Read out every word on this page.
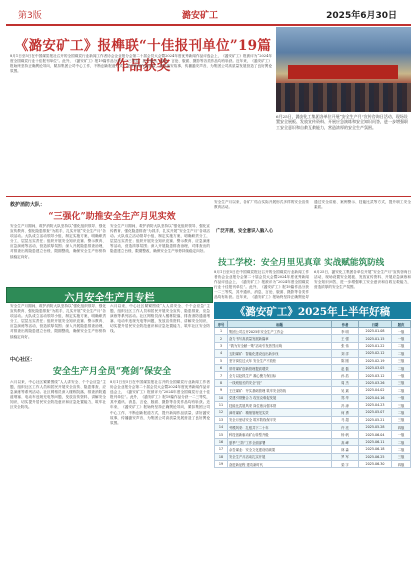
第3版	潞安矿工	2025年6月30日
《潞安矿工》报榫联“十佳报刊单位”19篇作品获奖
8月1日至5日在中国煤炭报社召开的全国煤炭行业新闻工作者协会企业报分会第二十届会员大会暨2024年度优秀新闻作品评选会上，《潞安矿工》报被评为“2024年度全国煤炭行业十佳报刊单位”。此外，《潞安矿工》报19篇作品分获一二三等奖，其中通讯、消息、言论、版面、摄影等各类作品均有斩获。近年来，《潞安矿工》报始终坚持正确舆论导向，紧扣集团公司中心工作，不断创新报道方式，提升新闻作品质量，讲好潞安故事，传播潞安声音，为集团公司高质量发展营造了良好舆论氛围。
6月25日，潞安化工集团各单位开展“安全生产月”宣传咨询日活动，现场设置安全展板、发放宣传资料、开展应急演练和安全知识问答，进一步增强职工安全意识和自救互救能力，营造浓厚的安全生产氛围。
救护消防大队：
“三强化”助推安全生产月见实效
安全生产月期间，救护消防大队坚持以“强化组织领导、强化宣传教育、强化隐患排查”为抓手，扎实开展“安全生产月”各项活动。大队成立活动领导小组，制定实施方案，明确职责分工，层层压实责任；组织开展安全知识竞赛、警示教育、应急演练等活动，营造浓厚氛围；深入开展隐患排查治理，对排查出的隐患建立台账、限期整改，确保安全生产形势持续稳定向好。
安全生产月期间，救护消防大队坚持以“强化组织领导、强化宣传教育、强化隐患排查”为抓手，扎实开展“安全生产月”各项活动。大队成立活动领导小组，制定实施方案，明确职责分工，层层压实责任；组织开展安全知识竞赛、警示教育、应急演练等活动，营造浓厚氛围；深入开展隐患排查治理，对排查出的隐患建立台账、限期整改，确保安全生产形势持续稳定向好。
安全生产月以来，各矿厂结合实际开展形式多样的安全宣传教育活动。
广泛开展，安全意识入脑入心
通过安全讲座、案例警示、技能比武等方式，提升职工安全素质。
技工学校：安全月里见真章 实战赋能筑防线
8月1日至5日在中国煤炭报社召开的全国煤炭行业新闻工作者协会企业报分会第二十届会员大会暨2024年度优秀新闻作品评选会上，《潞安矿工》报被评为“2024年度全国煤炭行业十佳报刊单位”。此外，《潞安矿工》报19篇作品分获一二三等奖，其中通讯、消息、言论、版面、摄影等各类作品均有斩获。近年来，《潞安矿工》报始终坚持正确舆论导
6月25日，潞安化工集团各单位开展“安全生产月”宣传咨询日活动，现场设置安全展板、发放宣传资料、开展应急演练和安全知识问答，进一步增强职工安全意识和自救互救能力，营造浓厚的安全生产氛围。
六月安全生产月专栏
安全生产月期间，救护消防大队坚持以“强化组织领导、强化宣传教育、强化隐患排查”为抓手，扎实开展“安全生产月”各项活动。大队成立活动领导小组，制定实施方案，明确职责分工，层层压实责任；组织开展安全知识竞赛、警示教育、应急演练等活动，营造浓厚氛围；深入开展隐患排查治理，对排查出的隐患建立台账、限期整改，确保安全生产形势持续稳定向好。
六月以来，中心社区紧紧围绕“人人讲安全、个个会应急”主题，组织社区工作人员和居民开展安全宣传、隐患排查、应急演练等系列活动。社区网格员深入楼栋院落，排查消防通道堵塞、电动车违规充电等问题，发放宣传资料，讲解安全知识，切实提升居民安全防范意识和应急处置能力，筑牢社区安全防线。
中心社区：
安全生产月全员“亮剑”保安全
六月以来，中心社区紧紧围绕“人人讲安全、个个会应急”主题，组织社区工作人员和居民开展安全宣传、隐患排查、应急演练等系列活动。社区网格员深入楼栋院落，排查消防通道堵塞、电动车违规充电等问题，发放宣传资料，讲解安全知识，切实提升居民安全防范意识和应急处置能力，筑牢社区安全防线。
8月1日至5日在中国煤炭报社召开的全国煤炭行业新闻工作者协会企业报分会第二十届会员大会暨2024年度优秀新闻作品评选会上，《潞安矿工》报被评为“2024年度全国煤炭行业十佳报刊单位”。此外，《潞安矿工》报19篇作品分获一二三等奖，其中通讯、消息、言论、版面、摄影等各类作品均有斩获。近年来，《潞安矿工》报始终坚持正确舆论导向，紧扣集团公司中心工作，不断创新报道方式，提升新闻作品质量，讲好潞安故事，传播潞安声音，为集团公司高质量发展营造了良好舆论氛围。
《潞安矿工》2025年上半年好稿
序号	标题	作者	日期	版次
1	集团公司召开2025年安全生产工作会	李 明	2025.01.08	一版
2	奋力书写高质量发展新篇章	王 强	2025.01.15	一版
3	“我为安全献一策”活动引发热烈反响	张 伟	2025.01.22	二版
4	五阳煤矿：智能化建设迈出新步伐	刘 洋	2025.02.12	二版
5	坚守岗位过大年 安全生产不放松	陈 刚	2025.02.19	三版
6	常村煤矿创新管理提质增效	赵 磊	2025.03.05	二版
7	全力以赴抓生产 凝心聚力保目标	孙 浩	2025.03.12	一版
8	一线班组长的安全“经”	周 杰	2025.03.26	三版
9	王庄煤矿：夯实基础管理 筑牢安全防线	吴 斌	2025.04.02	二版
10	党建引领聚合力 攻坚克难促发展	郑 华	2025.04.16	一版
11	技能比武展风采 岗位练兵强本领	冯 涛	2025.04.23	三版
12	漳村煤矿：精细管理见实效	何 勇	2025.05.07	二版
13	安全月里话安全 筑牢防线保平安	马 超	2025.05.21	三版
14	劳模风采：扎根井下二十年	许 亮	2025.05.28	四版
15	科技创新驱动矿山转型升级	杨 帆	2025.06.04	一版
16	夏季“三防”工作全面部署	高 峰	2025.06.11	二版
17	余吾煤业：安全文化建设结硕果	林 森	2025.06.18	二版
18	安全生产月活动扎实开展	罗 军	2025.06.25	三版
19	奋进新征程 建功新时代	梁 宇	2025.06.30	四版
